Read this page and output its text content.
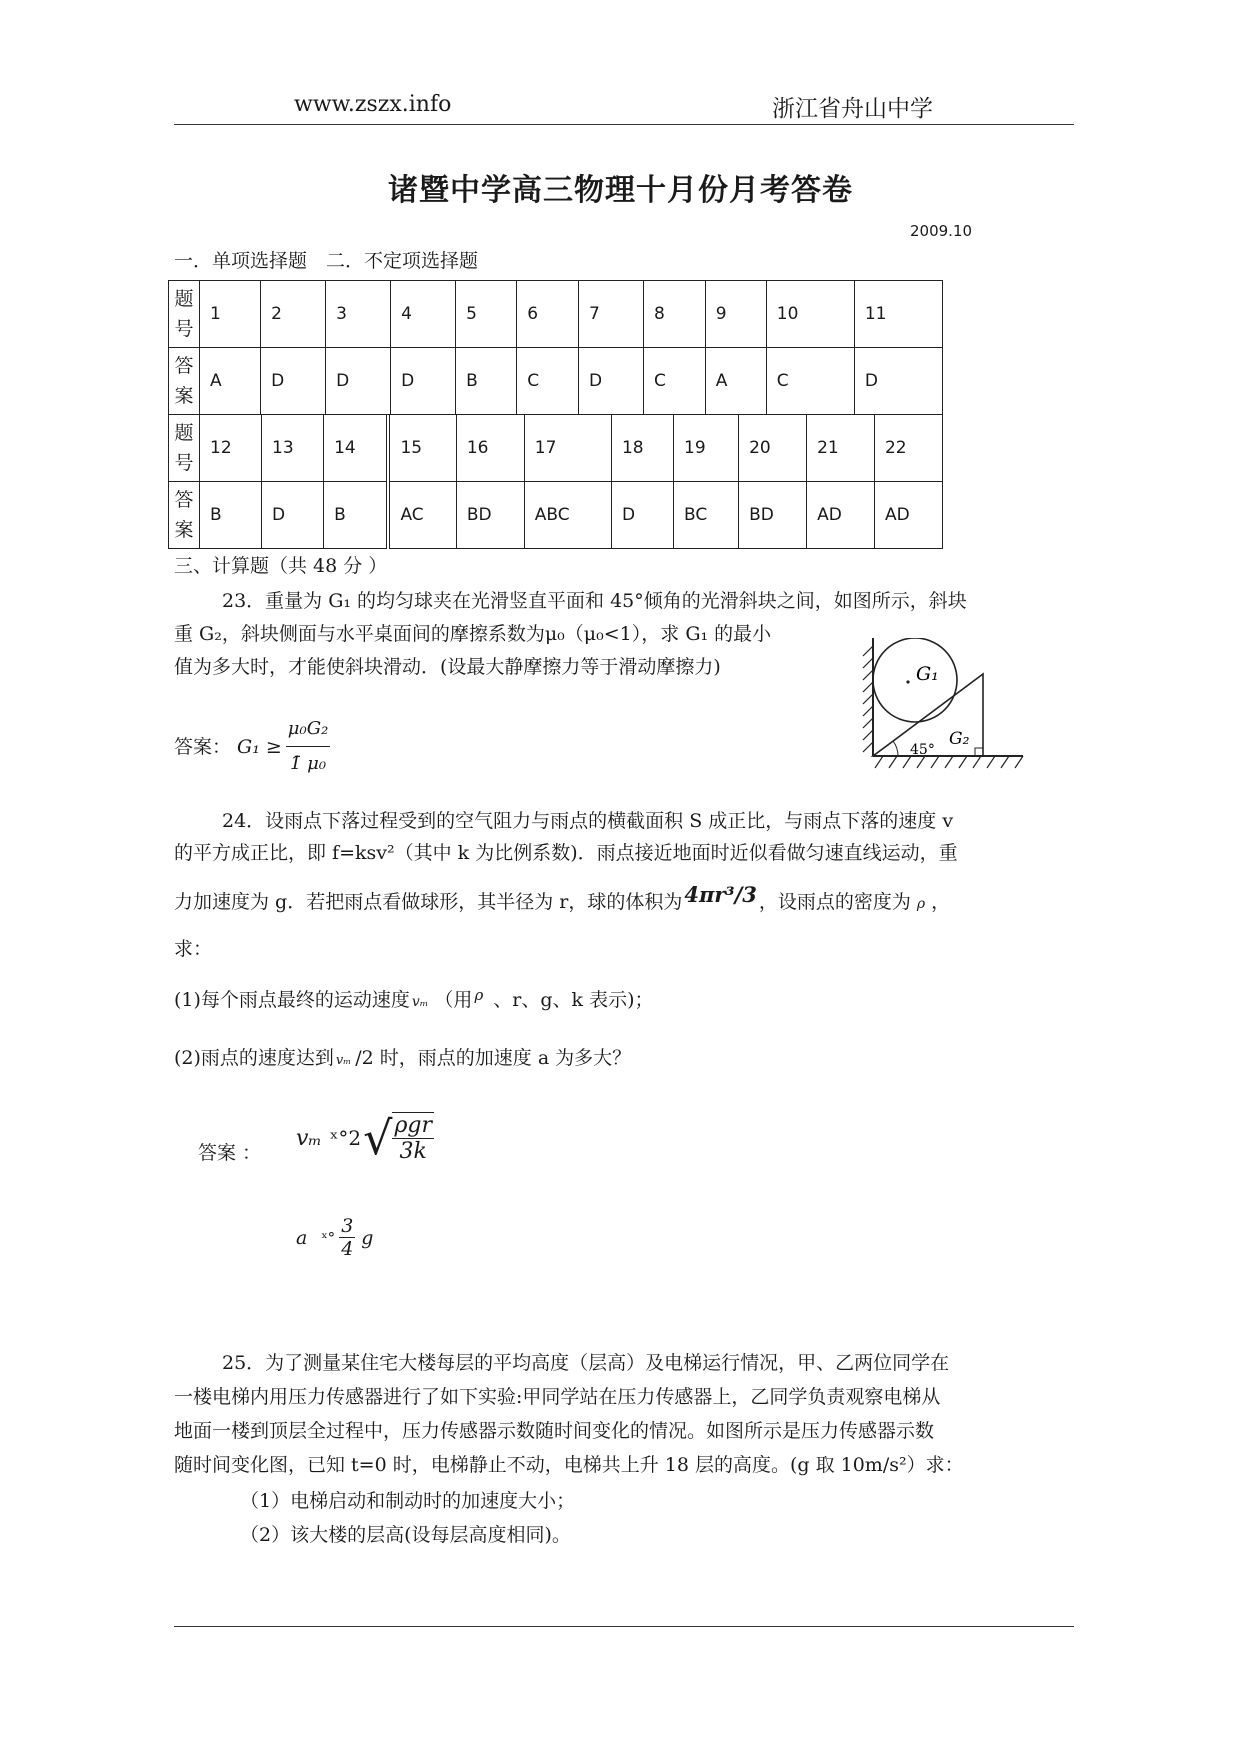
www.zszx.info	浙江省舟山中学
诸暨中学高三物理十月份月考答卷
2009.10
一．单项选择题　二．不定项选择题
题
号	1	2	3	4	5	6	7	8	9	10	11

答
案	A	D	D	D	B	C	D	C	A	C	D
题
号	12	13	14	15	16	17	18	19	20	21	22

答
案	B	D	B	AC	BD	ABC	D	BC	BD	AD	AD
三、计算题（共 48 分 ）
23．重量为 G₁ 的均匀球夹在光滑竖直平面和 45°倾角的光滑斜块之间，如图所示，斜块
重 G₂，斜块侧面与水平桌面间的摩擦系数为μ₀（μ₀<1），求 G₁ 的最小
值为多大时，才能使斜块滑动．(设最大静摩擦力等于滑动摩擦力)
答案： $G_1 \ge \frac{\text{μ₀G₂}}{\text{1̄ μ₀}}$
G₁
G₂
45°
24．设雨点下落过程受到的空气阻力与雨点的横截面积 S 成正比，与雨点下落的速度 v
的平方成正比，即 f=ksv²（其中 k 为比例系数)．雨点接近地面时近似看做匀速直线运动，重
力加速度为 g．若把雨点看做球形，其半径为 r，球的体积为4πr³/3 ，设雨点的密度为 ρ ，
求：
(1)每个雨点最终的运动速度 vₘ （用 $^\rho$ 、r、g、k 表示)；
(2)雨点的速度达到 vₘ /2 时，雨点的加速度 a 为多大？
答案 ：
vₘ ˣ°2 √ $\frac{\text{ρgr}}{3k}$
a ˣ° $\frac{3}{4}$ g
25．为了测量某住宅大楼每层的平均高度（层高）及电梯运行情况，甲、乙两位同学在
一楼电梯内用压力传感器进行了如下实验:甲同学站在压力传感器上，乙同学负责观察电梯从
地面一楼到顶层全过程中，压力传感器示数随时间变化的情况。如图所示是压力传感器示数
随时间变化图，已知 t=0 时，电梯静止不动，电梯共上升 18 层的高度。(g 取 10m/s²）求：
（1）电梯启动和制动时的加速度大小；
（2）该大楼的层高(设每层高度相同)。
